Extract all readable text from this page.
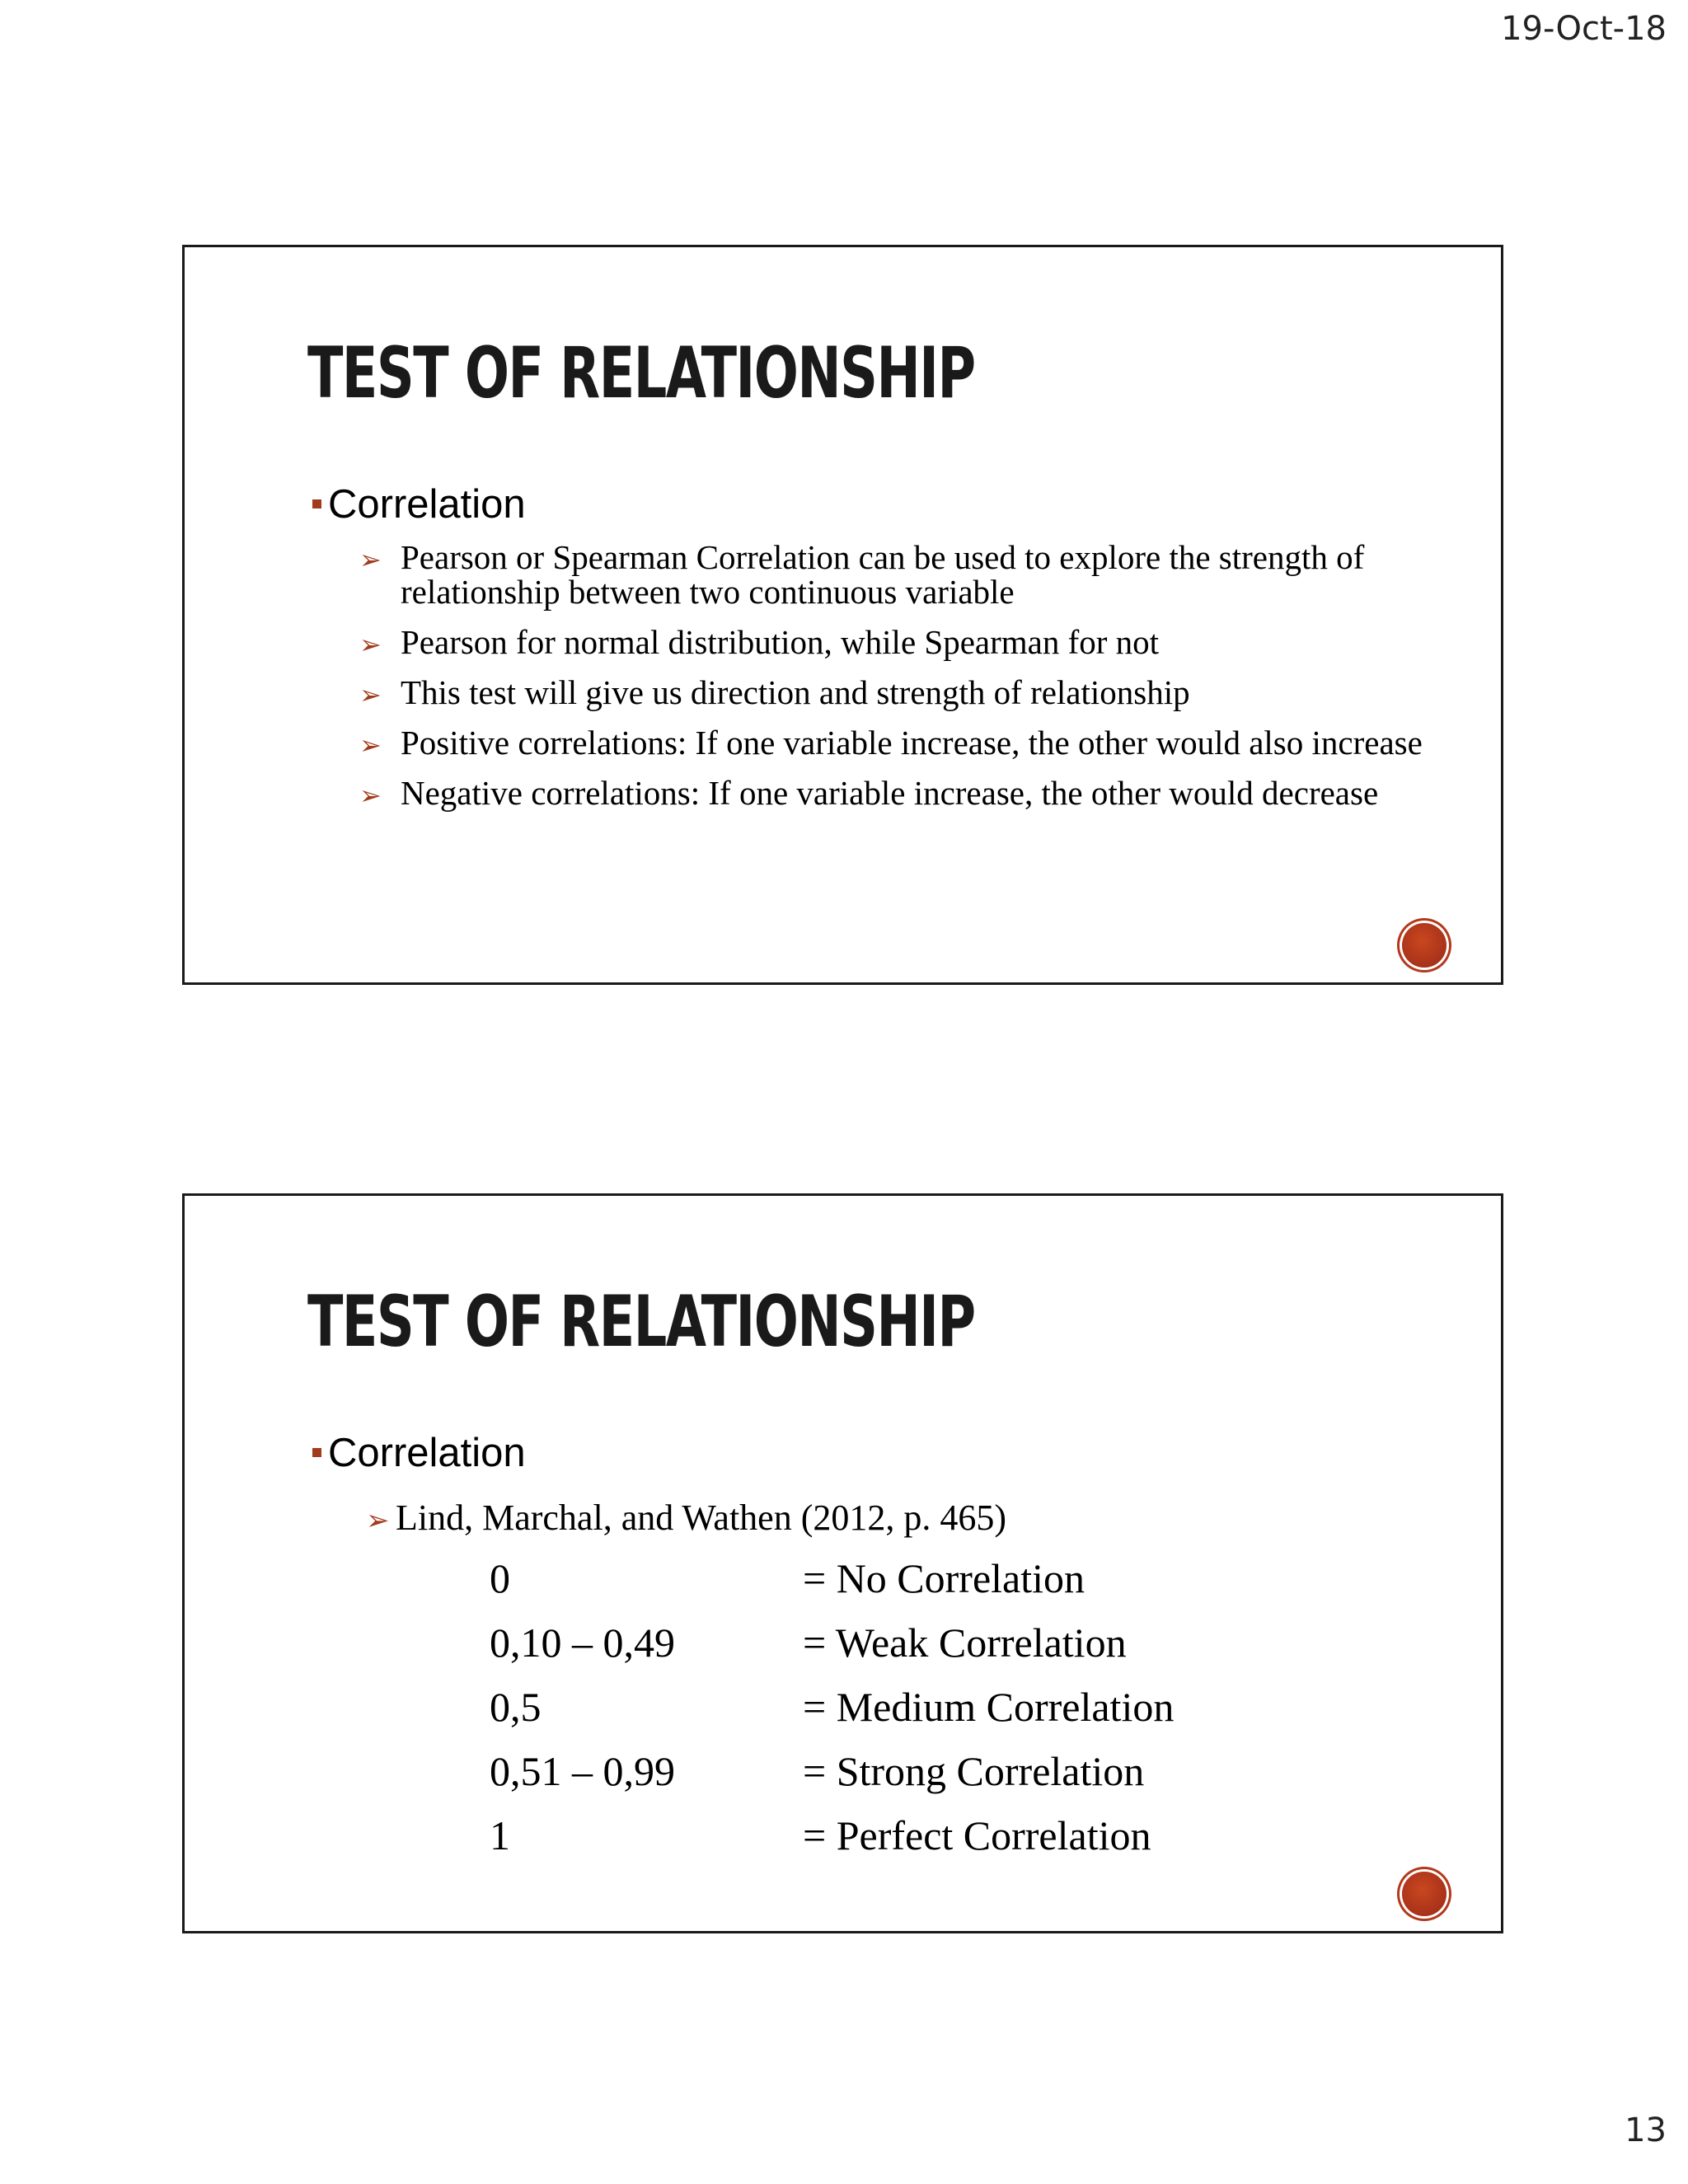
19-Oct-18
TEST OF RELATIONSHIP
Correlation
➢ Pearson or Spearman Correlation can be used to explore the strength of relationship between two continuous variable
➢ Pearson for normal distribution, while Spearman for not
➢ This test will give us direction and strength of relationship
➢ Positive correlations: If one variable increase, the other would also increase
➢ Negative correlations: If one variable increase, the other would decrease
TEST OF RELATIONSHIP
Correlation
➢ Lind, Marchal, and Wathen (2012, p. 465)
0	= No Correlation
0,10 – 0,49	= Weak Correlation
0,5	= Medium Correlation
0,51 – 0,99	= Strong Correlation
1	= Perfect Correlation
13
